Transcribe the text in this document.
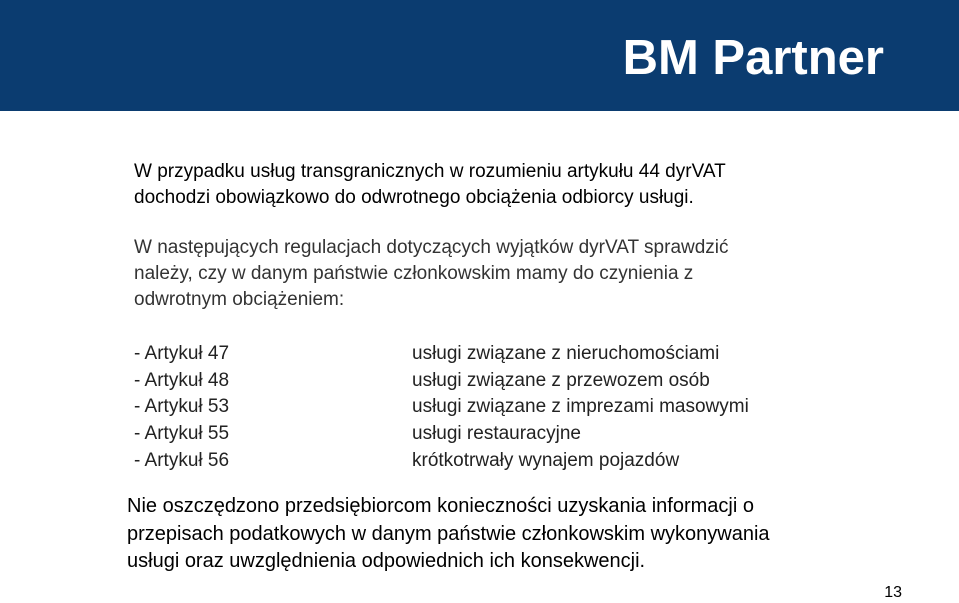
BM Partner
W przypadku usług transgranicznych w rozumieniu artykułu 44 dyrVAT
dochodzi obowiązkowo do odwrotnego obciążenia odbiorcy usługi.
W następujących regulacjach dotyczących wyjątków dyrVAT sprawdzić
należy, czy w danym państwie członkowskim mamy do czynienia z
odwrotnym obciążeniem:
- Artykuł 47	usługi związane z nieruchomościami
- Artykuł 48	usługi związane z przewozem osób
- Artykuł 53	usługi związane z imprezami masowymi
- Artykuł 55	usługi restauracyjne
- Artykuł 56	krótkotrwały wynajem pojazdów
Nie oszczędzono przedsiębiorcom konieczności uzyskania informacji o
przepisach podatkowych w danym państwie członkowskim wykonywania
usługi oraz uwzględnienia odpowiednich ich konsekwencji.
13
